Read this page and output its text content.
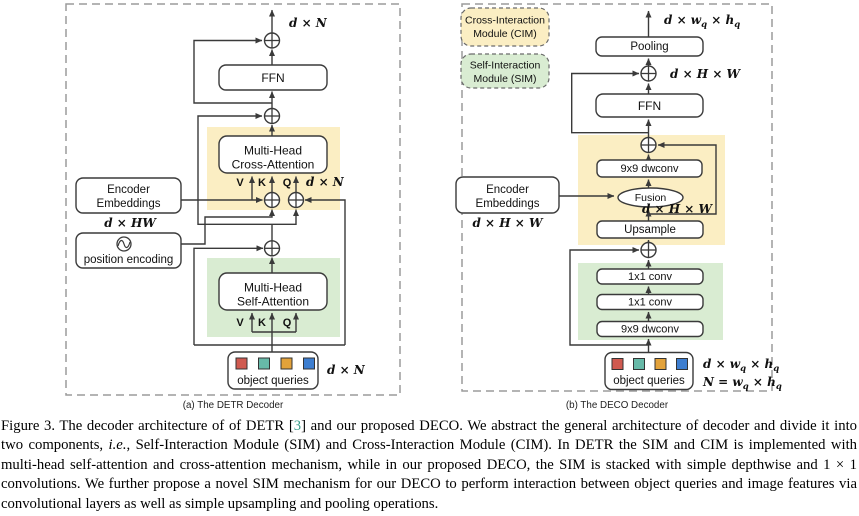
d × N
FFN
Multi-Head
Cross-Attention
V K Q d × N
Encoder
Embeddings
d × HW
position encoding
Multi-Head
Self-Attention
V K Q
object queries
d × N
(a) The DETR Decoder
Cross-Interaction
Module (CIM)
Self-Interaction
Module (SIM)
$d \times w_q \times h_q$
Pooling
d × H × W
FFN
9x9 dwconv
Fusion
d × H × W
Upsample
1x1 conv
1x1 conv
9x9 dwconv
Encoder
Embeddings
d × H × W
object queries
$d \times w_q \times h_q$
$N = w_q \times h_q$
(b) The DECO Decoder
Figure 3. The decoder architecture of of DETR [3] and our proposed DECO. We abstract the general architecture of decoder and divide it into two components, i.e., Self-Interaction Module (SIM) and Cross-Interaction Module (CIM). In DETR the SIM and CIM is implemented with multi-head self-attention and cross-attention mechanism, while in our proposed DECO, the SIM is stacked with simple depthwise and 1 × 1 convolutions. We further propose a novel SIM mechanism for our DECO to perform interaction between object queries and image features via convolutional layers as well as simple upsampling and pooling operations.
